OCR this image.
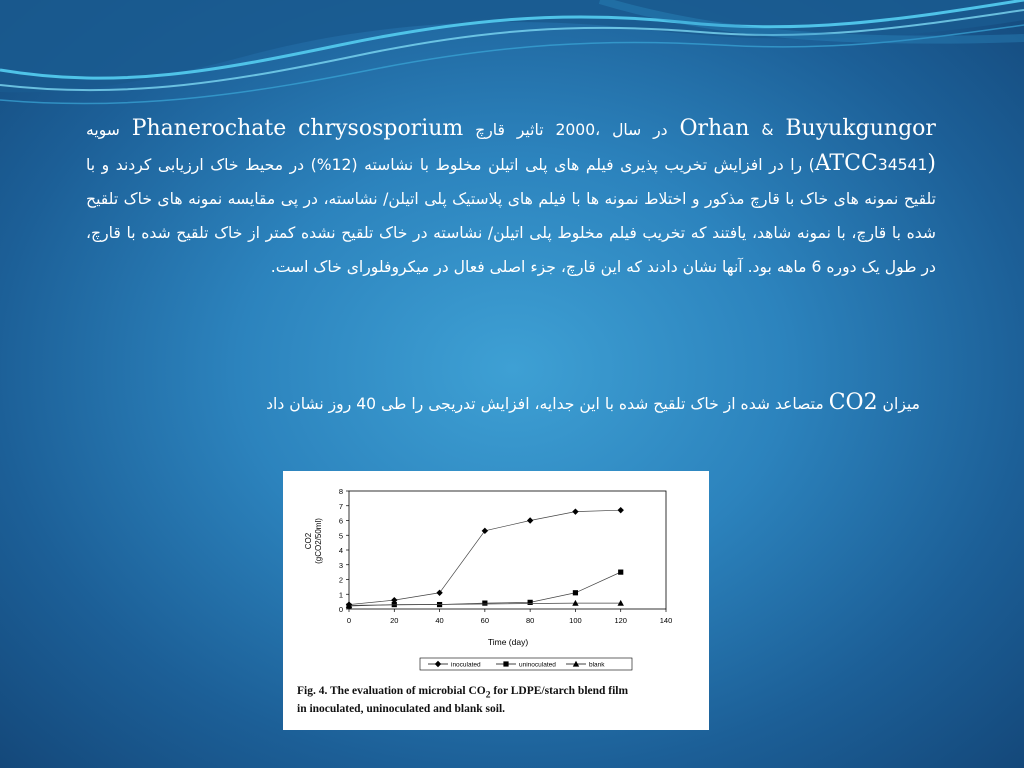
Orhan & Buyukgungor در سال ،2000 تاثیر قارچ Phanerochate chrysosporium سویه (ATCC34541) را در افزایش تخریب پذیری فیلم های پلی اتیلن مخلوط با نشاسته (12%) در محیط خاک ارزیابی کردند و با تلقیح نمونه های خاک با قارچ مذکور و اختلاط نمونه ها با فیلم های پلاستیک پلی اتیلن/ نشاسته، در پی مقایسه نمونه های خاک تلقیح شده با قارچ، با نمونه شاهد، یافتند که تخریب فیلم مخلوط پلی اتیلن/ نشاسته در خاک تلقیح نشده کمتر از خاک تلقیح شده با قارچ، در طول یک دوره 6 ماهه بود. آنها نشان دادند که این قارچ، جزء اصلی فعال در میکروفلورای خاک است.
میزان CO2 متصاعد شده از خاک تلقیح شده با این جدایه، افزایش تدریجی را طی 40 روز نشان داد
0
1
2
3
4
5
6
7
8
0	20	40	60	80	100	120	140
Time (day)
CO2 (gCO2/50ml)
inoculated	uninoculated	blank
Fig. 4. The evaluation of microbial $CO_2$ for LDPE/starch blend film
in inoculated, uninoculated and blank soil.
